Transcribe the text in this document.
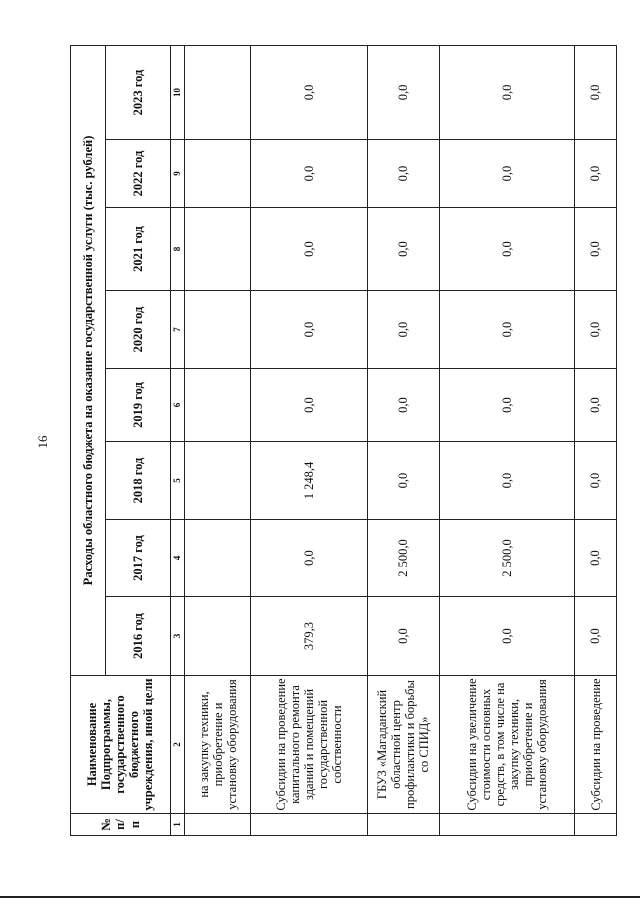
16
№ п/п	Наименование Подпрограммы, государственного бюджетного учреждения, иной цели	Расходы областного бюджета на оказание государственной услуги (тыс. рублей)							
		2016 год	2017 год	2018 год	2019 год	2020 год	2021 год	2022 год	2023 год
1	2	3	4	5	6	7	8	9	10
	на закупку техники, приобретение и установку оборудования								
	Субсидии на проведение капитального ремонта зданий и помещений государственной собственности	379,3	0,0	1 248,4	0,0	0,0	0,0	0,0	0,0
	ГБУЗ «Магаданский областной центр профилактики и борьбы со СПИД»	0,0	2 500,0	0,0	0,0	0,0	0,0	0,0	0,0
	Субсидии на увеличение стоимости основных средств, в том числе на закупку техники, приобретение и установку оборудования	0,0	2 500,0	0,0	0,0	0,0	0,0	0,0	0,0
	Субсидии на проведение	0,0	0,0	0,0	0,0	0,0	0,0	0,0	0,0
